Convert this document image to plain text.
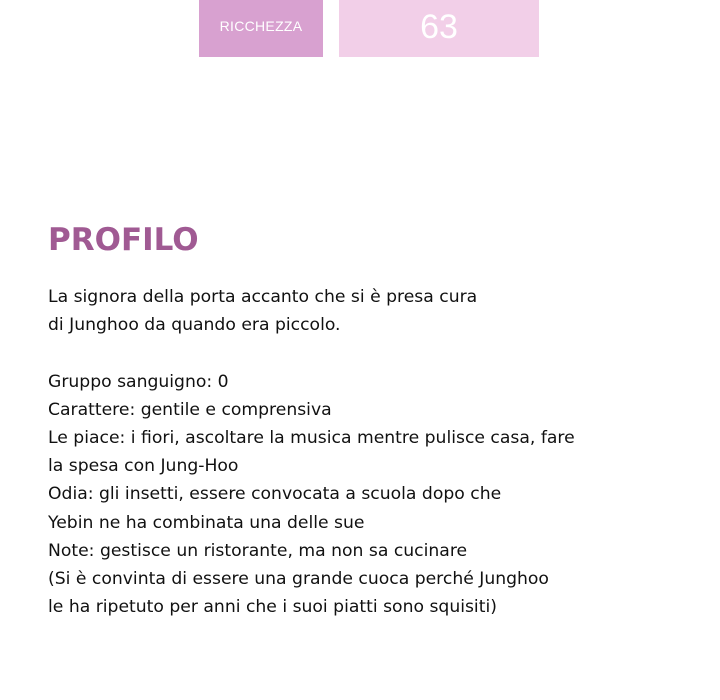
RICCHEZZA	63
PROFILO
La signora della porta accanto che si è presa cura
di Junghoo da quando era piccolo.
Gruppo sanguigno: 0
Carattere: gentile e comprensiva
Le piace: i fiori, ascoltare la musica mentre pulisce casa, fare
la spesa con Jung-Hoo
Odia: gli insetti, essere convocata a scuola dopo che
Yebin ne ha combinata una delle sue
Note: gestisce un ristorante, ma non sa cucinare
(Si è convinta di essere una grande cuoca perché Junghoo
le ha ripetuto per anni che i suoi piatti sono squisiti)
